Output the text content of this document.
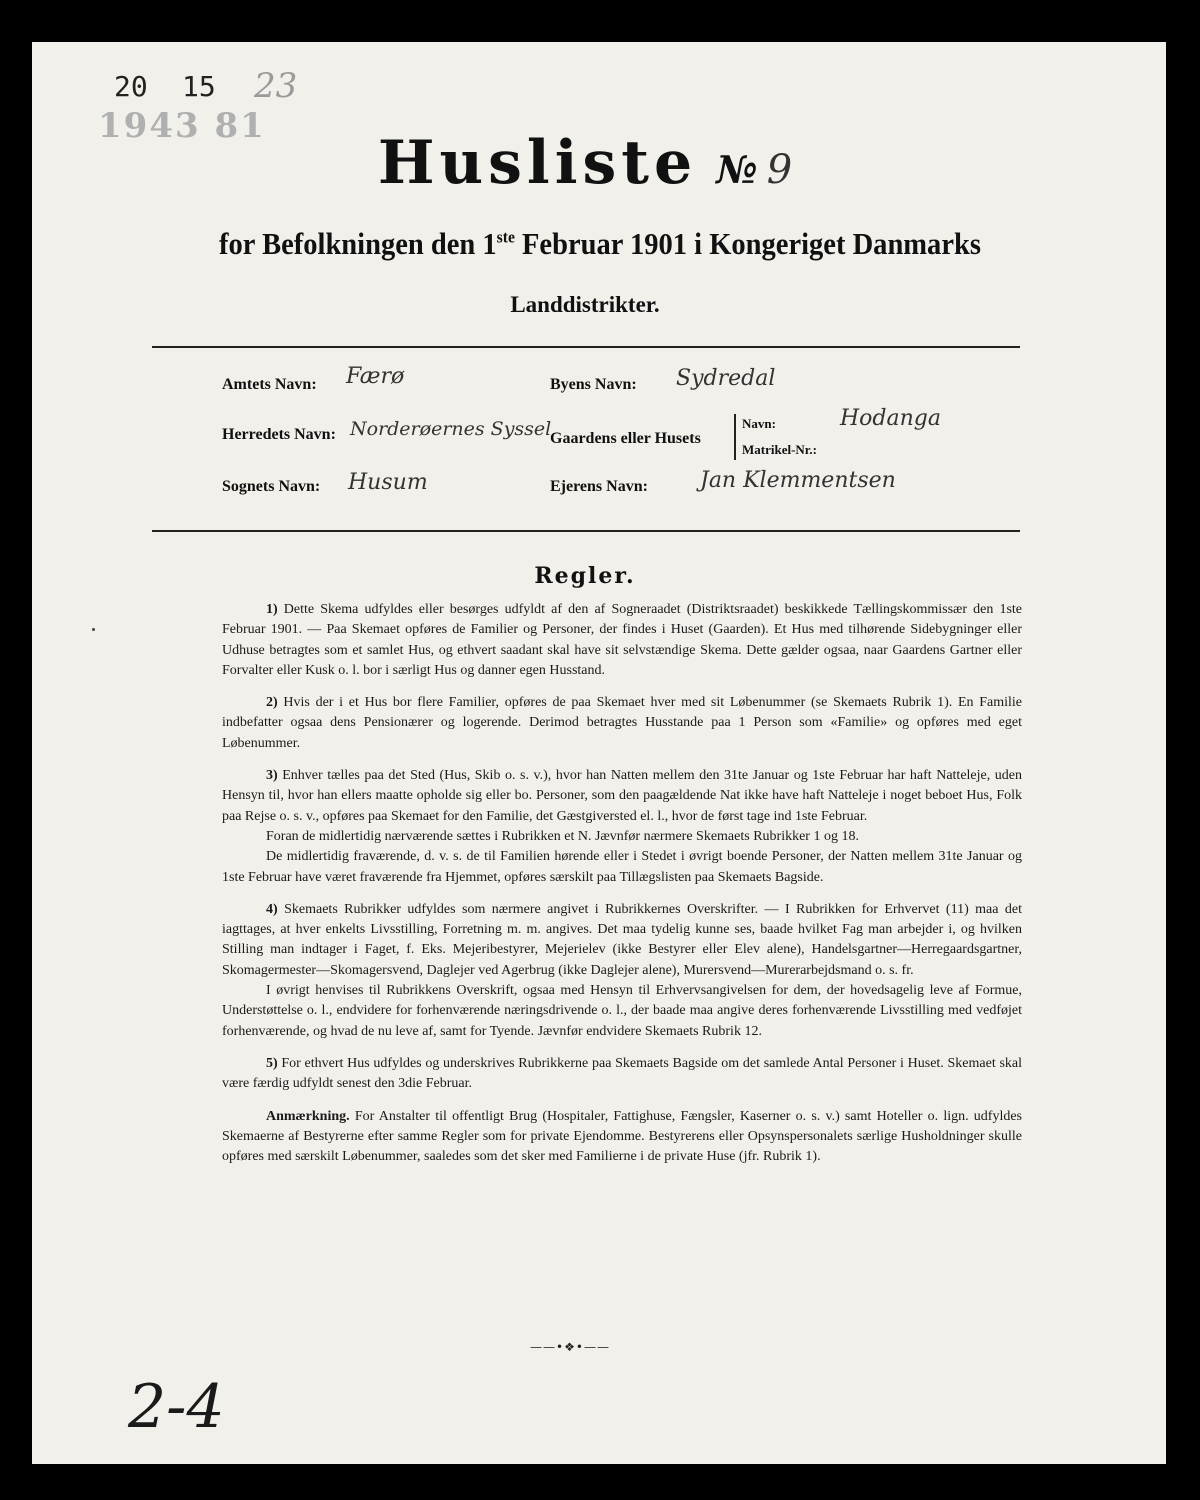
20 15 23
1943 81
Husliste № 9
for Befolkningen den 1ste Februar 1901 i Kongeriget Danmarks
Landdistrikter.
Amtets Navn: Færø
Herredets Navn: Norderøernes Syssel
Sognets Navn: Husum
Byens Navn: Sydredal
Gaardens eller Husets
Navn:	Hodanga
Matrikel-Nr.:
Ejerens Navn: Jan Klemmentsen
Regler.

1) Dette Skema udfyldes eller besørges udfyldt af den af Sogneraadet (Distriktsraadet) beskikkede Tællingskommissær den 1ste Februar 1901. — Paa Skemaet opføres de Familier og Personer, der findes i Huset (Gaarden). Et Hus med tilhørende Sidebygninger eller Udhuse betragtes som et samlet Hus, og ethvert saadant skal have sit selvstændige Skema. Dette gælder ogsaa, naar Gaardens Gartner eller Forvalter eller Kusk o. l. bor i særligt Hus og danner egen Husstand.

2) Hvis der i et Hus bor flere Familier, opføres de paa Skemaet hver med sit Løbenummer (se Skemaets Rubrik 1). En Familie indbefatter ogsaa dens Pensionærer og logerende. Derimod betragtes Husstande paa 1 Person som «Familie» og opføres med eget Løbenummer.

3) Enhver tælles paa det Sted (Hus, Skib o. s. v.), hvor han Natten mellem den 31te Januar og 1ste Februar har haft Natteleje, uden Hensyn til, hvor han ellers maatte opholde sig eller bo. Personer, som den paagældende Nat ikke have haft Natteleje i noget beboet Hus, Folk paa Rejse o. s. v., opføres paa Skemaet for den Familie, det Gæstgiversted el. l., hvor de først tage ind 1ste Februar.

Foran de midlertidig nærværende sættes i Rubrikken et N. Jævnfør nærmere Skemaets Rubrikker 1 og 18.

De midlertidig fraværende, d. v. s. de til Familien hørende eller i Stedet i øvrigt boende Personer, der Natten mellem 31te Januar og 1ste Februar have været fraværende fra Hjemmet, opføres særskilt paa Tillægslisten paa Skemaets Bagside.

4) Skemaets Rubrikker udfyldes som nærmere angivet i Rubrikkernes Overskrifter. — I Rubrikken for Erhvervet (11) maa det iagttages, at hver enkelts Livsstilling, Forretning m. m. angives. Det maa tydelig kunne ses, baade hvilket Fag man arbejder i, og hvilken Stilling man indtager i Faget, f. Eks. Mejeribestyrer, Mejerielev (ikke Bestyrer eller Elev alene), Handelsgartner—Herregaardsgartner, Skomagermester—Skomagersvend, Daglejer ved Agerbrug (ikke Daglejer alene), Murersvend—Murerarbejdsmand o. s. fr.

I øvrigt henvises til Rubrikkens Overskrift, ogsaa med Hensyn til Erhvervsangivelsen for dem, der hovedsagelig leve af Formue, Understøttelse o. l., endvidere for forhenværende næringsdrivende o. l., der baade maa angive deres forhenværende Livsstilling med vedføjet forhenværende, og hvad de nu leve af, samt for Tyende. Jævnfør endvidere Skemaets Rubrik 12.

5) For ethvert Hus udfyldes og underskrives Rubrikkerne paa Skemaets Bagside om det samlede Antal Personer i Huset. Skemaet skal være færdig udfyldt senest den 3die Februar.

Anmærkning. For Anstalter til offentligt Brug (Hospitaler, Fattighuse, Fængsler, Kaserner o. s. v.) samt Hoteller o. lign. udfyldes Skemaerne af Bestyrerne efter samme Regler som for private Ejendomme. Bestyrerens eller Opsynspersonalets særlige Husholdninger skulle opføres med særskilt Løbenummer, saaledes som det sker med Familierne i de private Huse (jfr. Rubrik 1).

——•❖•——
2-4
